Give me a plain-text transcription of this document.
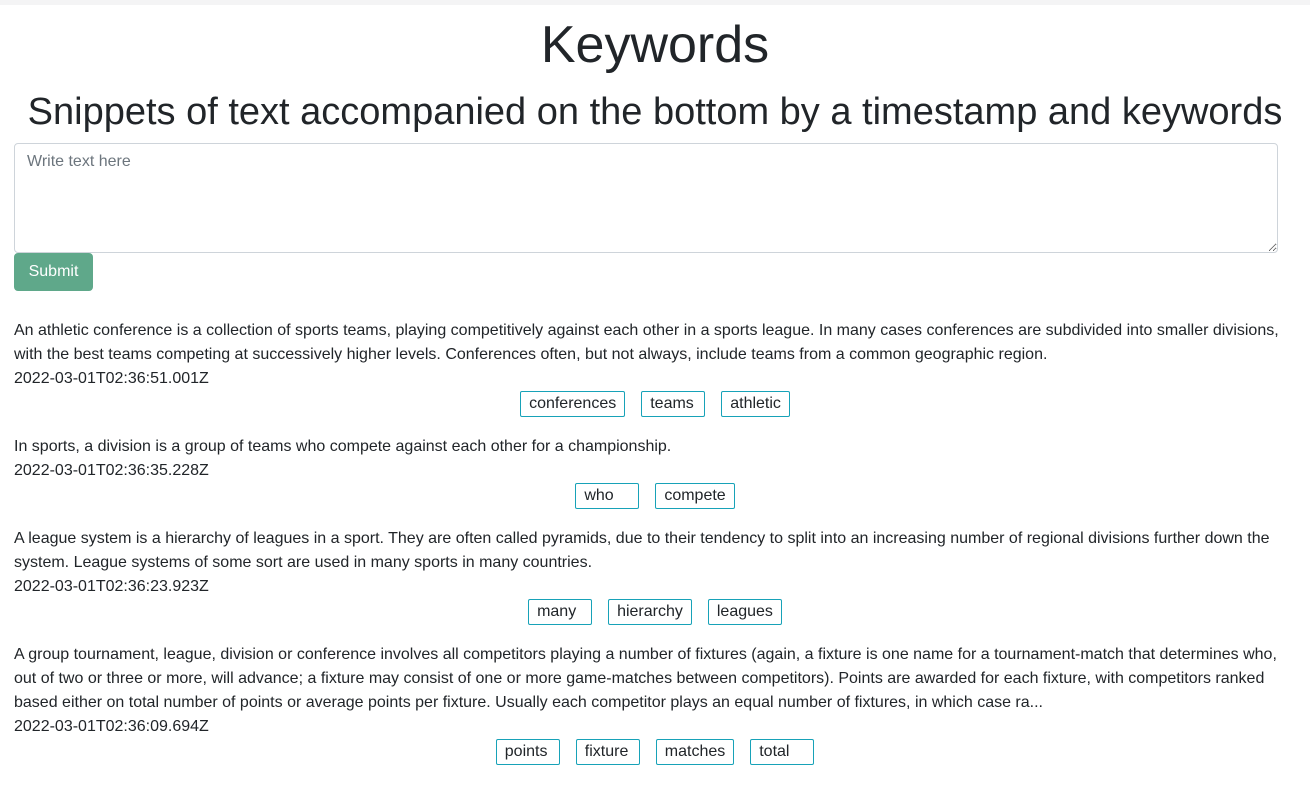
Keywords
Snippets of text accompanied on the bottom by a timestamp and keywords
Write text here
Submit

An athletic conference is a collection of sports teams, playing competitively against each other in a sports league. In many cases conferences are subdivided into smaller divisions, with the best teams competing at successively higher levels. Conferences often, but not always, include teams from a common geographic region.

2022-03-01T02:36:51.001Z
conferences	teams	athletic

In sports, a division is a group of teams who compete against each other for a championship.

2022-03-01T02:36:35.228Z
who	compete

A league system is a hierarchy of leagues in a sport. They are often called pyramids, due to their tendency to split into an increasing number of regional divisions further down the system. League systems of some sort are used in many sports in many countries.

2022-03-01T02:36:23.923Z
many	hierarchy	leagues

A group tournament, league, division or conference involves all competitors playing a number of fixtures (again, a fixture is one name for a tournament-match that determines who, out of two or three or more, will advance; a fixture may consist of one or more game-matches between competitors). Points are awarded for each fixture, with competitors ranked based either on total number of points or average points per fixture. Usually each competitor plays an equal number of fixtures, in which case ra...

2022-03-01T02:36:09.694Z
points	fixture	matches	total
